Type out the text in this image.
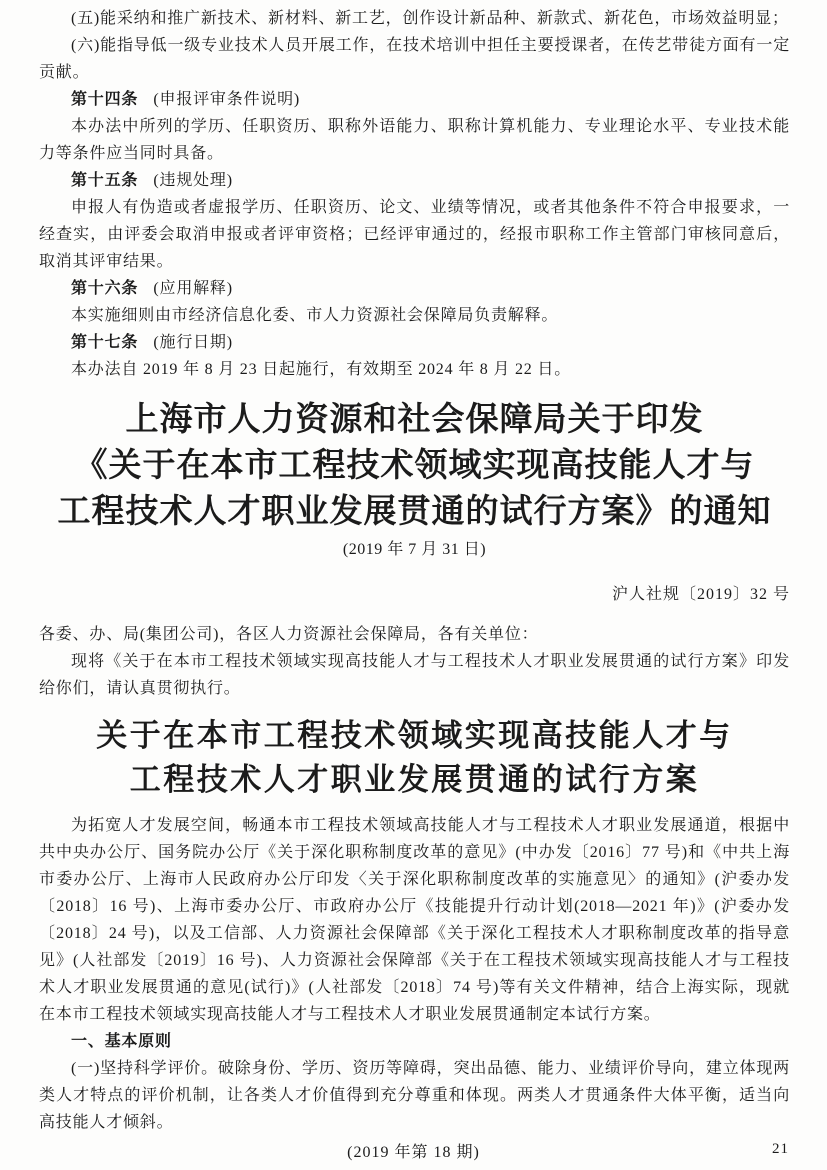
(五)能采纳和推广新技术、新材料、新工艺，创作设计新品种、新款式、新花色，市场效益明显；

(六)能指导低一级专业技术人员开展工作，在技术培训中担任主要授课者，在传艺带徒方面有一定贡献。

第十四条 (申报评审条件说明)

本办法中所列的学历、任职资历、职称外语能力、职称计算机能力、专业理论水平、专业技术能力等条件应当同时具备。

第十五条 (违规处理)

申报人有伪造或者虚报学历、任职资历、论文、业绩等情况，或者其他条件不符合申报要求，一经查实，由评委会取消申报或者评审资格；已经评审通过的，经报市职称工作主管部门审核同意后，取消其评审结果。

第十六条 (应用解释)

本实施细则由市经济信息化委、市人力资源社会保障局负责解释。

第十七条 (施行日期)

本办法自 2019 年 8 月 23 日起施行，有效期至 2024 年 8 月 22 日。

上海市人力资源和社会保障局关于印发
《关于在本市工程技术领域实现高技能人才与
工程技术人才职业发展贯通的试行方案》的通知

(2019 年 7 月 31 日)

沪人社规〔2019〕32 号

各委、办、局(集团公司)，各区人力资源社会保障局，各有关单位：

现将《关于在本市工程技术领域实现高技能人才与工程技术人才职业发展贯通的试行方案》印发给你们，请认真贯彻执行。

关于在本市工程技术领域实现高技能人才与
工程技术人才职业发展贯通的试行方案

为拓宽人才发展空间，畅通本市工程技术领域高技能人才与工程技术人才职业发展通道，根据中共中央办公厅、国务院办公厅《关于深化职称制度改革的意见》(中办发〔2016〕77 号)和《中共上海市委办公厅、上海市人民政府办公厅印发〈关于深化职称制度改革的实施意见〉的通知》(沪委办发〔2018〕16 号)、上海市委办公厅、市政府办公厅《技能提升行动计划(2018—2021 年)》(沪委办发〔2018〕24 号)，以及工信部、人力资源社会保障部《关于深化工程技术人才职称制度改革的指导意见》(人社部发〔2019〕16 号)、人力资源社会保障部《关于在工程技术领域实现高技能人才与工程技术人才职业发展贯通的意见(试行)》(人社部发〔2018〕74 号)等有关文件精神，结合上海实际，现就在本市工程技术领域实现高技能人才与工程技术人才职业发展贯通制定本试行方案。

一、基本原则

(一)坚持科学评价。破除身份、学历、资历等障碍，突出品德、能力、业绩评价导向，建立体现两类人才特点的评价机制，让各类人才价值得到充分尊重和体现。两类人才贯通条件大体平衡，适当向高技能人才倾斜。

(2019 年第 18 期)	21
